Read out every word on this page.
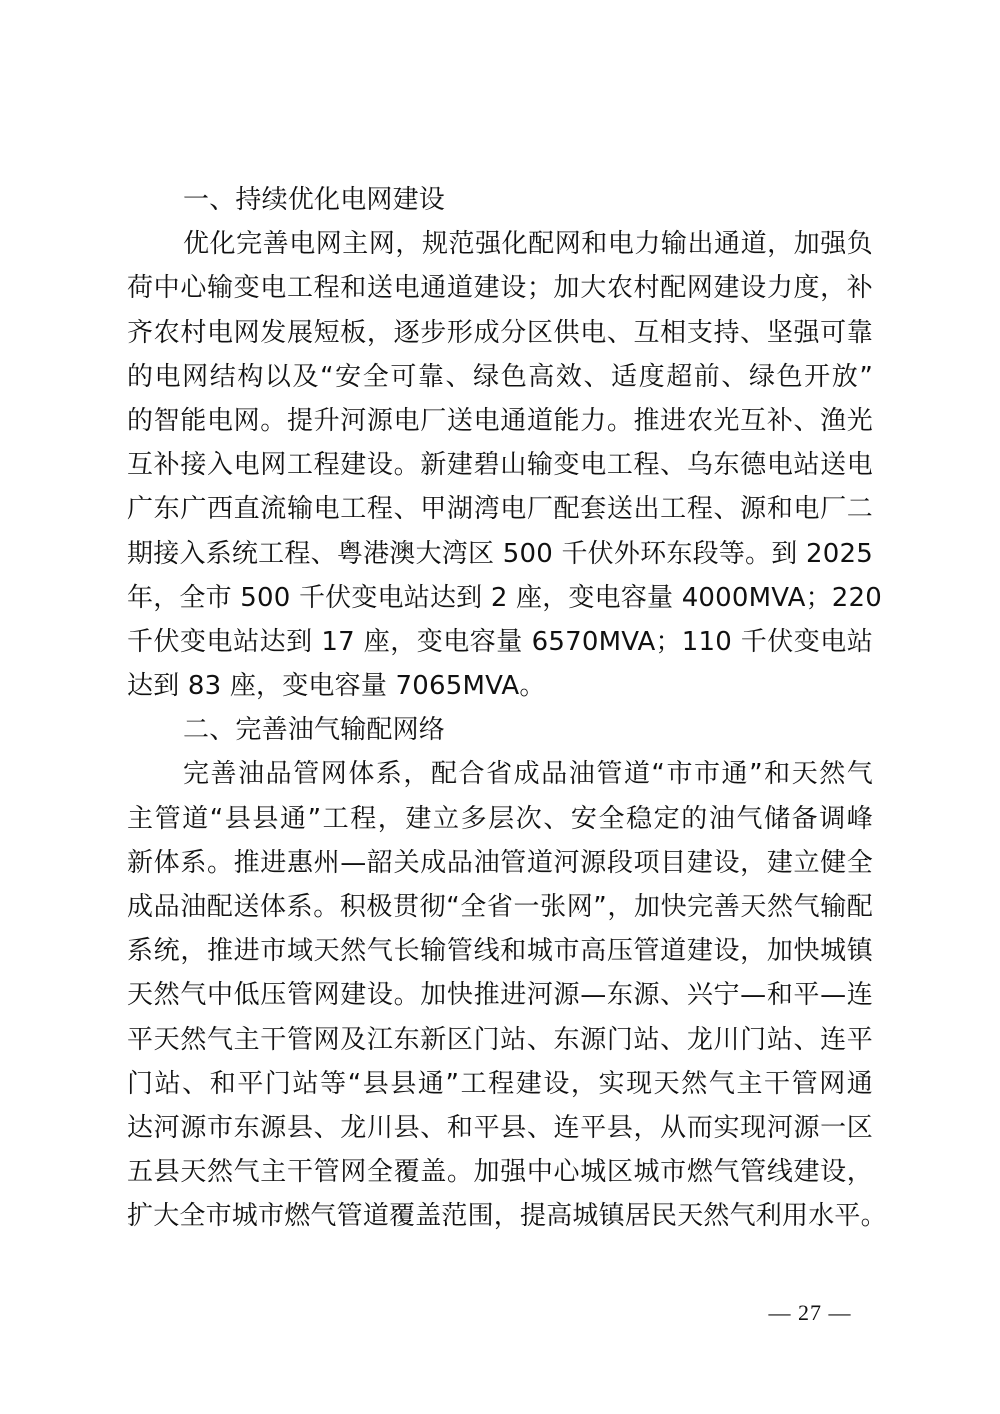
一、持续优化电网建设
优化完善电网主网，规范强化配网和电力输出通道，加强负
荷中心输变电工程和送电通道建设；加大农村配网建设力度，补
齐农村电网发展短板，逐步形成分区供电、互相支持、坚强可靠
的电网结构以及“安全可靠、绿色高效、适度超前、绿色开放”
的智能电网。提升河源电厂送电通道能力。推进农光互补、渔光
互补接入电网工程建设。新建碧山输变电工程、乌东德电站送电
广东广西直流输电工程、甲湖湾电厂配套送出工程、源和电厂二
期接入系统工程、粤港澳大湾区 500 千伏外环东段等。到 2025
年，全市 500 千伏变电站达到 2 座，变电容量 4000MVA；220
千伏变电站达到 17 座，变电容量 6570MVA；110 千伏变电站
达到 83 座，变电容量 7065MVA。
二、完善油气输配网络
完善油品管网体系，配合省成品油管道“市市通”和天然气
主管道“县县通”工程，建立多层次、安全稳定的油气储备调峰
新体系。推进惠州—韶关成品油管道河源段项目建设，建立健全
成品油配送体系。积极贯彻“全省一张网”，加快完善天然气输配
系统，推进市域天然气长输管线和城市高压管道建设，加快城镇
天然气中低压管网建设。加快推进河源—东源、兴宁—和平—连
平天然气主干管网及江东新区门站、东源门站、龙川门站、连平
门站、和平门站等“县县通”工程建设，实现天然气主干管网通
达河源市东源县、龙川县、和平县、连平县，从而实现河源一区
五县天然气主干管网全覆盖。加强中心城区城市燃气管线建设，
扩大全市城市燃气管道覆盖范围，提高城镇居民天然气利用水平。
— 27 —
